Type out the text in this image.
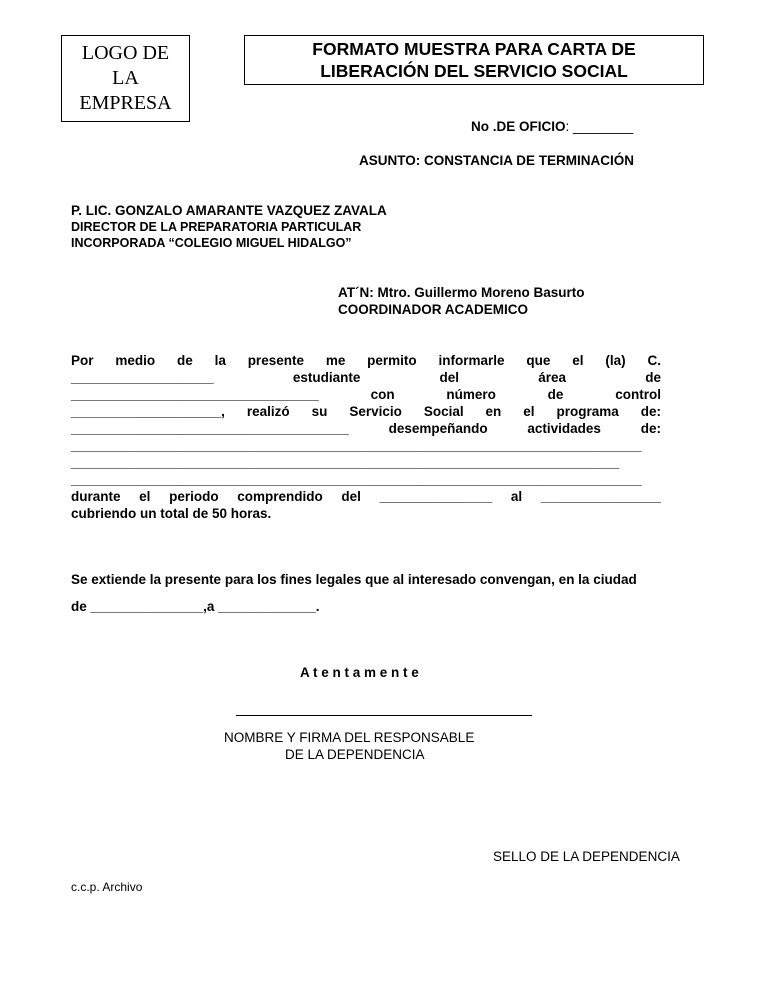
LOGO DE
LA
EMPRESA
FORMATO MUESTRA PARA CARTA DE
LIBERACIÓN DEL SERVICIO SOCIAL
No .DE OFICIO: ________
ASUNTO: CONSTANCIA DE TERMINACIÓN
P. LIC. GONZALO AMARANTE VAZQUEZ ZAVALA
DIRECTOR DE LA PREPARATORIA PARTICULAR
INCORPORADA “COLEGIO MIGUEL HIDALGO”
AT´N: Mtro. Guillermo Moreno Basurto
COORDINADOR ACADEMICO
Por medio de la presente me permito informarle que el (la) C.
___________________	estudiante	del	área	de
_________________________________	con	número	de	control
____________________, realizó su Servicio Social en el programa de:
_____________________________________	desempeñando	actividades	de:
____________________________________________________________________________
_________________________________________________________________________
____________________________________________________________________________
durante el periodo comprendido del _______________ al ________________
cubriendo un total de 50 horas.
Se extiende la presente para los fines legales que al interesado convengan, en la ciudad
de _______________,a _____________.
A t e n t a m e n t e
NOMBRE Y FIRMA DEL RESPONSABLE
DE LA DEPENDENCIA
SELLO DE LA DEPENDENCIA
c.c.p. Archivo
